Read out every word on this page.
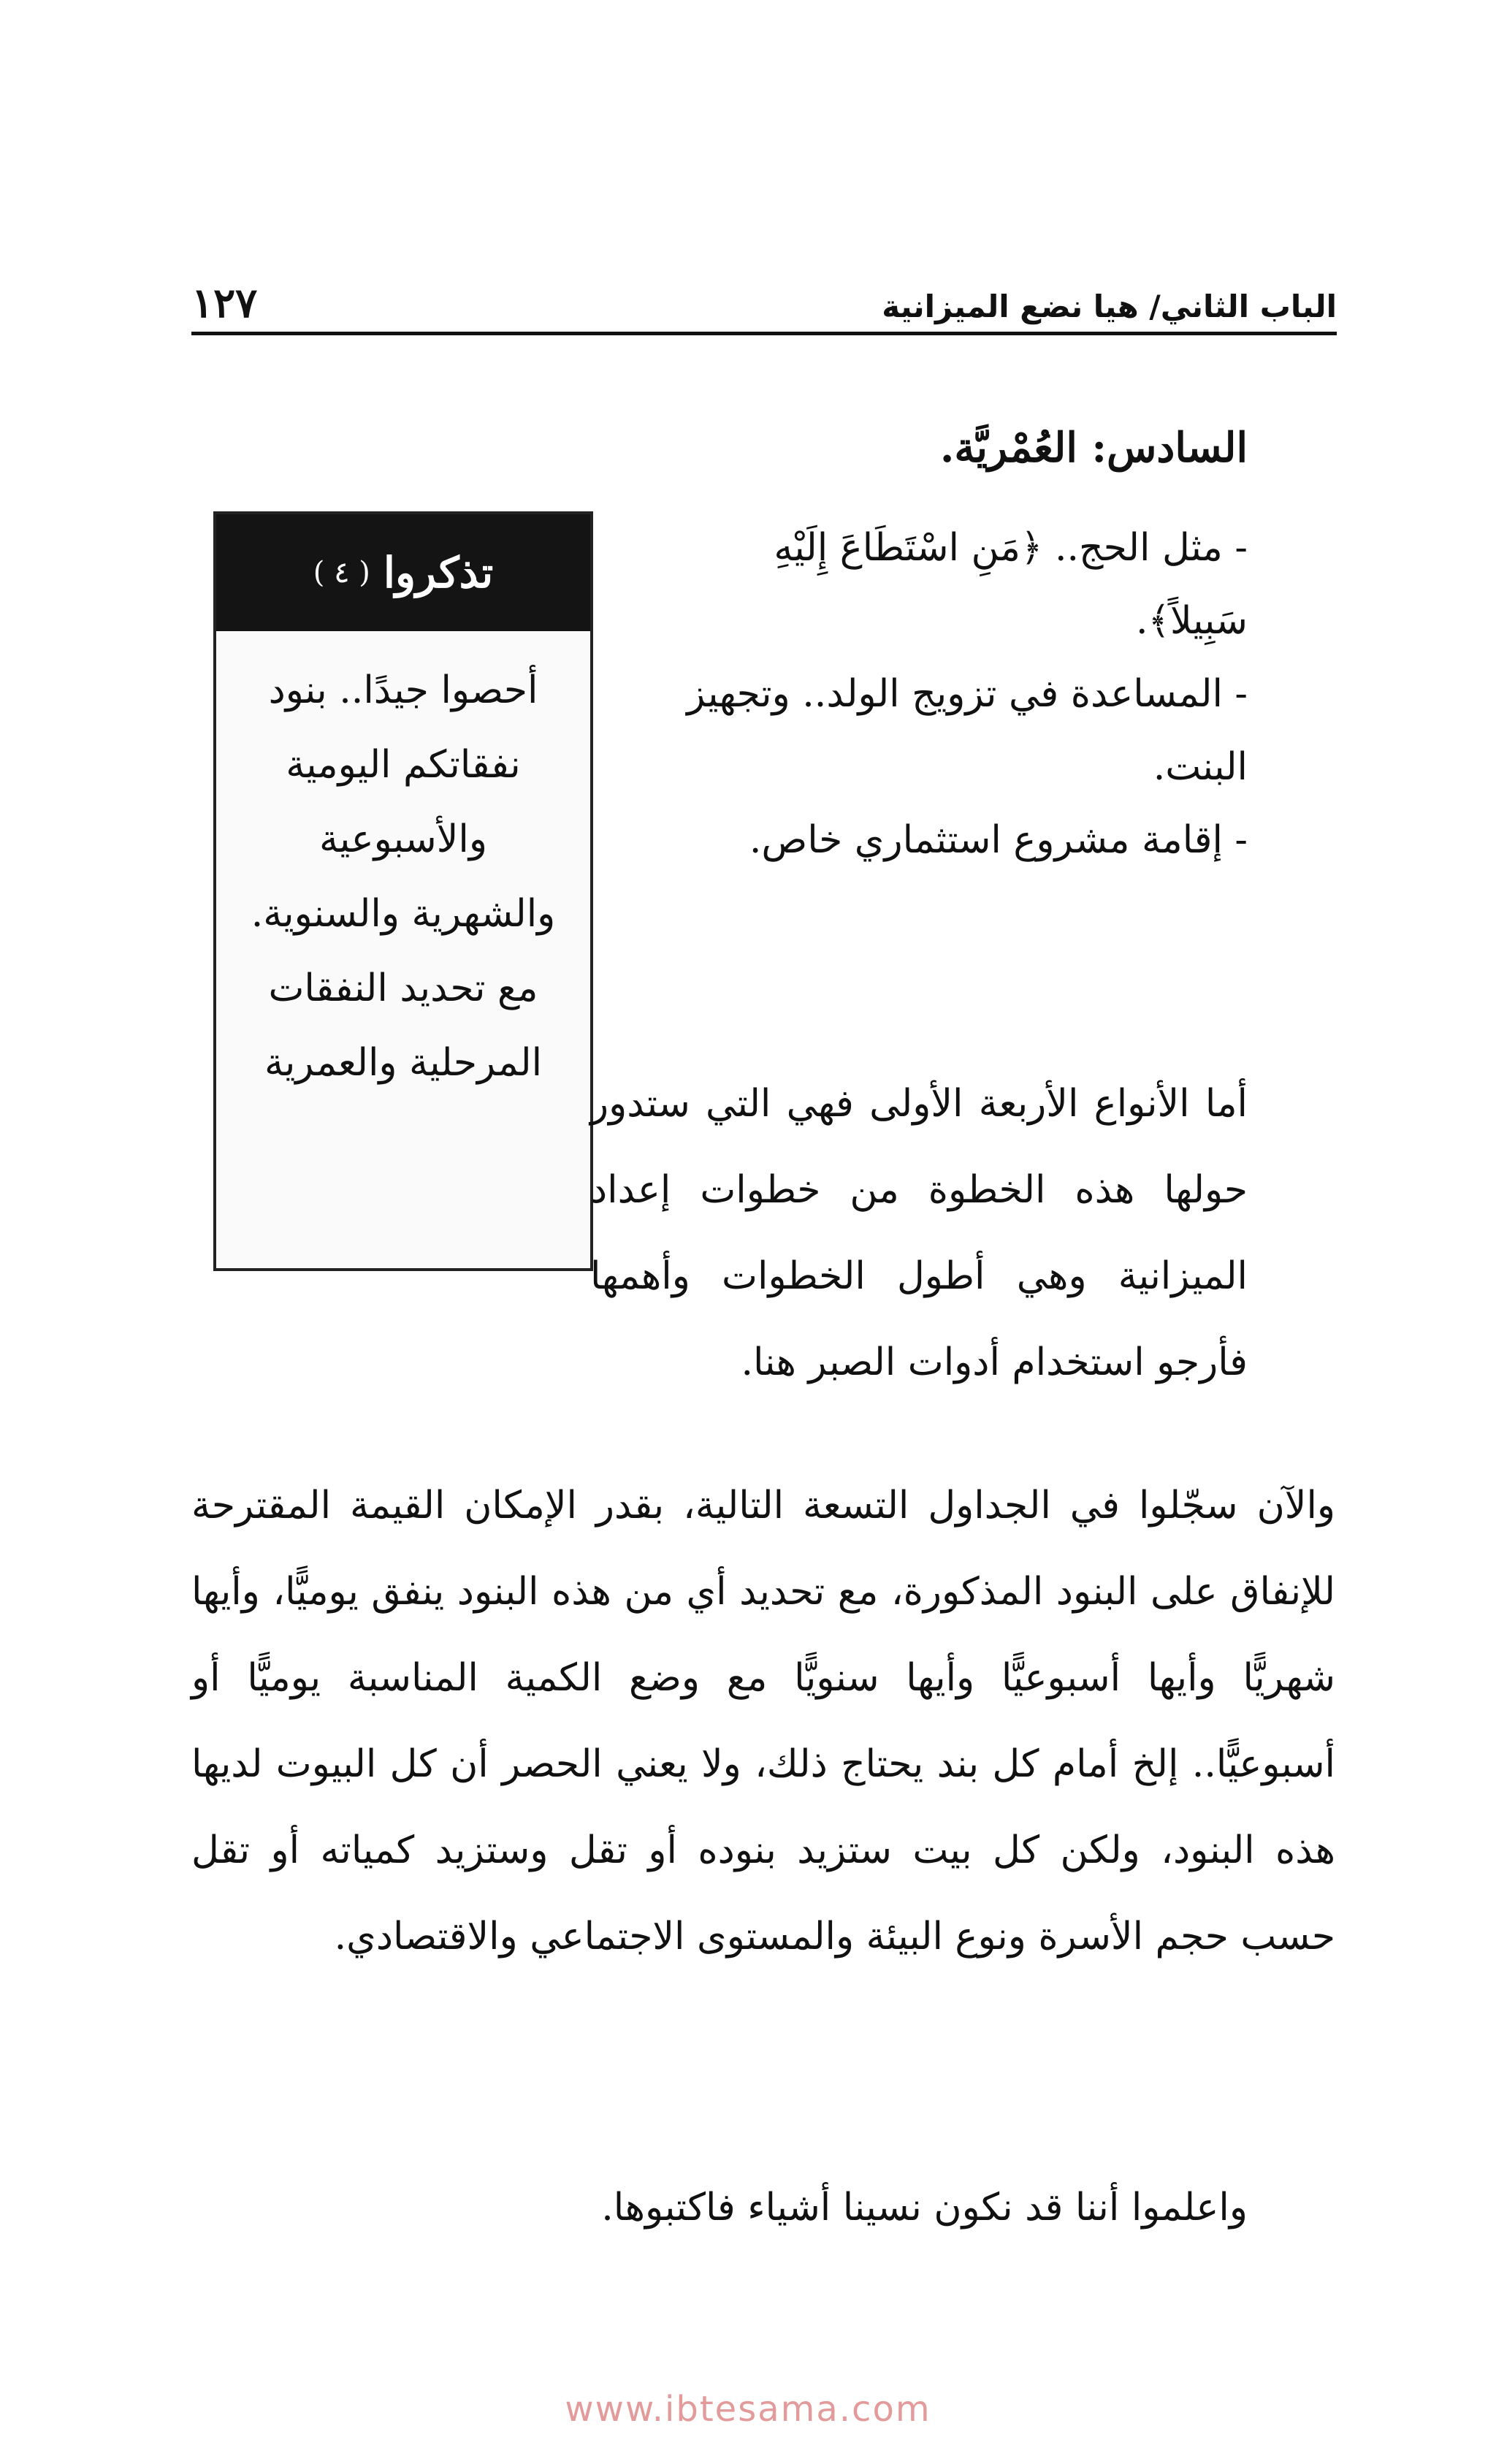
الباب الثاني/ هيا نضع الميزانية
١٢٧
السادس: العُمْريَّة.
- مثل الحج.. ﴿مَنِ اسْتَطَاعَ إِلَيْهِ
سَبِيلاً﴾.
- المساعدة في تزويج الولد.. وتجهيز
البنت.
- إقامة مشروع استثماري خاص.
تذكروا
( ٤ )
أحصوا جيدًا.. بنود
نفقاتكم اليومية
والأسبوعية
والشهرية والسنوية.
مع تحديد النفقات
المرحلية والعمرية

أما الأنواع الأربعة الأولى فهي التي ستدور حولها هذه الخطوة من خطوات إعداد الميزانية وهي أطول الخطوات وأهمها فأرجو استخدام أدوات الصبر هنا.

والآن سجّلوا في الجداول التسعة التالية، بقدر الإمكان القيمة المقترحة للإنفاق على البنود المذكورة، مع تحديد أي من هذه البنود ينفق يوميًّا، وأيها شهريًّا وأيها أسبوعيًّا وأيها سنويًّا مع وضع الكمية المناسبة يوميًّا أو أسبوعيًّا.. إلخ أمام كل بند يحتاج ذلك، ولا يعني الحصر أن كل البيوت لديها هذه البنود، ولكن كل بيت ستزيد بنوده أو تقل وستزيد كمياته أو تقل حسب حجم الأسرة ونوع البيئة والمستوى الاجتماعي والاقتصادي.

واعلموا أننا قد نكون نسينا أشياء فاكتبوها.

www.ibtesama.com
